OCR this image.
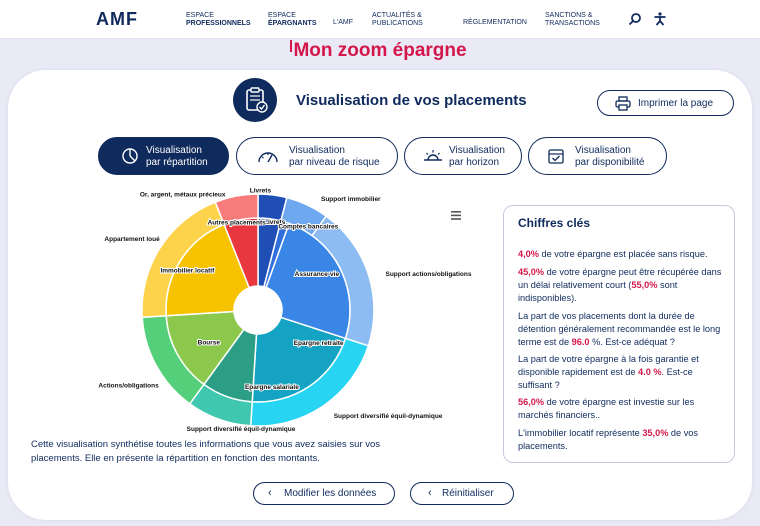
AMF	ESPACE
PROFESSIONNELS
ESPACE
ÉPARGNANTS L'AMF
ACTUALITÉS &
PUBLICATIONS	RÉGLEMENTATION
SANCTIONS &
TRANSACTIONS
Mon zoom épargne
Visualisation de vos placements	Imprimer la page
Visualisation
par répartition
Visualisation
par niveau de risque
Visualisation
par horizon
Visualisation
par disponibilité
Livrets
Comptes bancaires
Assurance-vie
Epargne retraite
Epargne salariale
Bourse
Immobilier locatif
Autres placements
Livrets
Support immobilier
Support actions/obligations
Support diversifié équil-dynamique
Support diversifié équil-dynamique
Actions/obligations
Appartement loué
Or, argent, métaux précieux
Cette visualisation synthétise toutes les informations que vous avez saisies sur vos placements. Elle en présente la répartition en fonction des montants.
Chiffres clés
4,0% de votre épargne est placée sans risque.
45,0% de votre épargne peut être récupérée dans un délai relativement court (55,0% sont indisponibles).
La part de vos placements dont la durée de détention généralement recommandée est le long terme est de 96.0 %. Est-ce adéquat ?
La part de votre épargne à la fois garantie et disponible rapidement est de 4.0 %. Est-ce suffisant ?
56,0% de votre épargne est investie sur les marchés financiers..
L'immobilier locatif représente 35,0% de vos placements.
‹ Modifier les données	‹ Réinitialiser
